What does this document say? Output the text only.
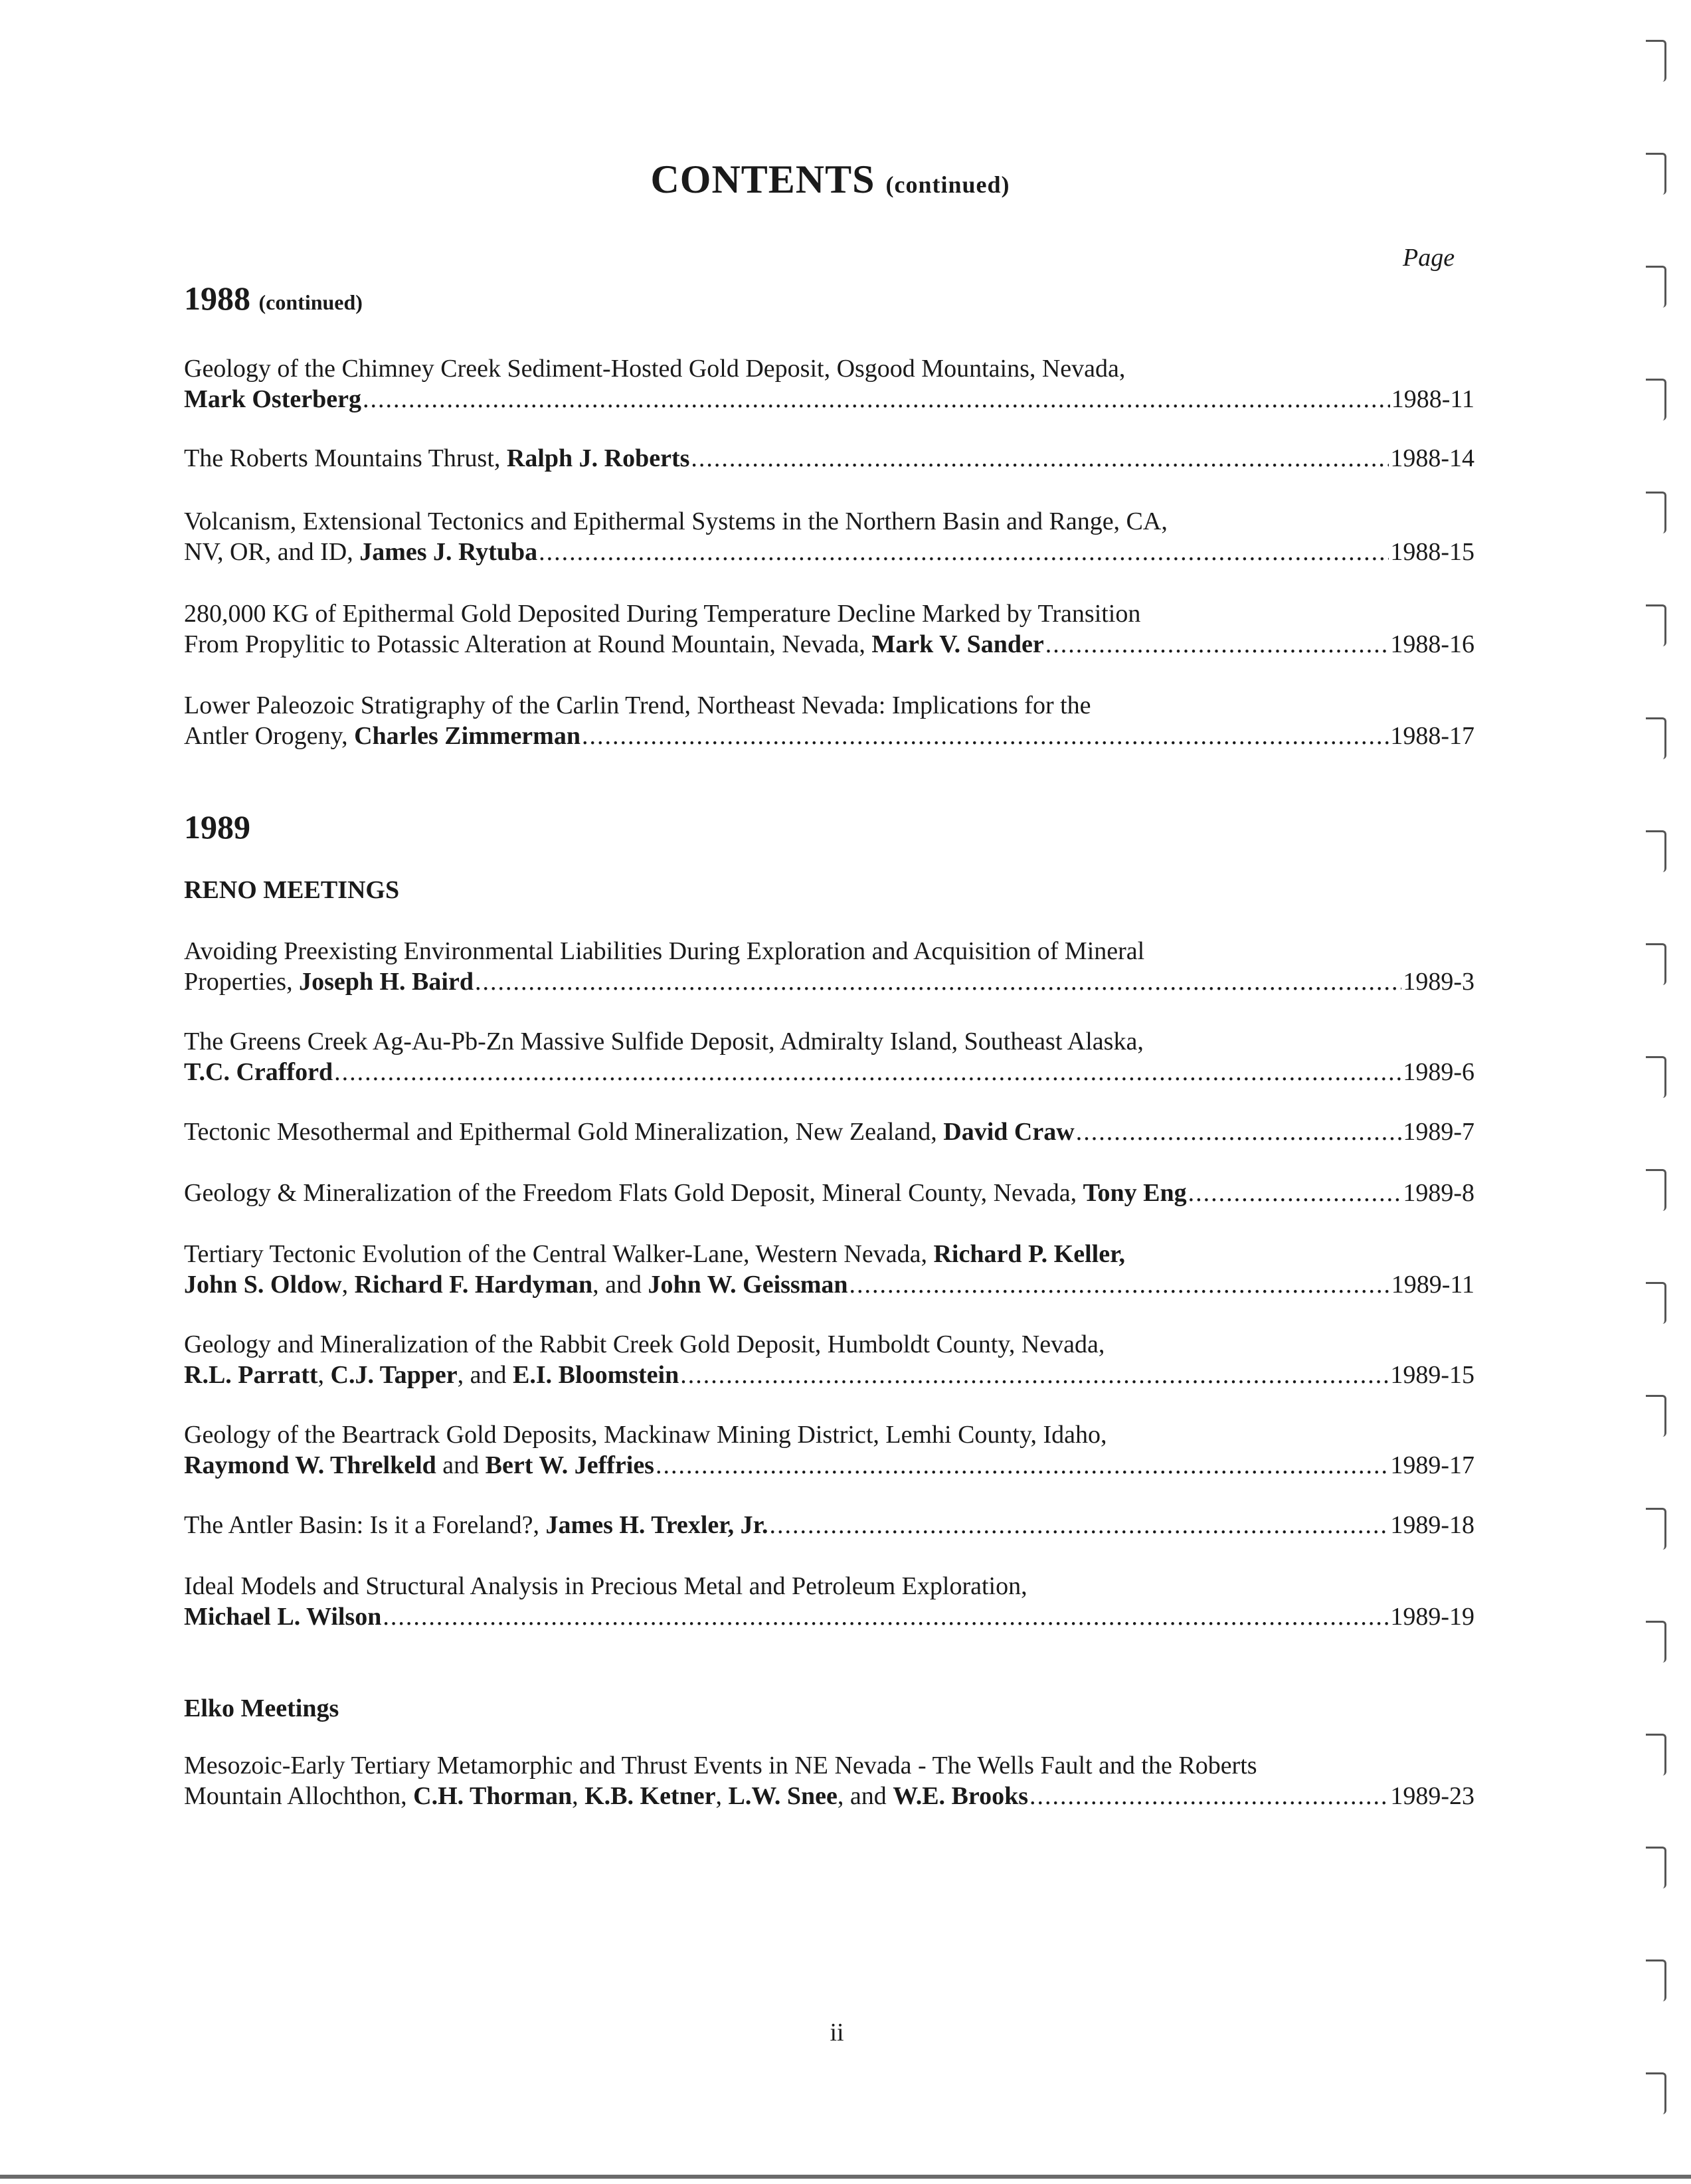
CONTENTS (continued)
Page
1988 (continued)
Geology of the Chimney Creek Sediment-Hosted Gold Deposit, Osgood Mountains, Nevada,
Mark Osterberg .....	1988-11
The Roberts Mountains Thrust, Ralph J. Roberts .....	1988-14
Volcanism, Extensional Tectonics and Epithermal Systems in the Northern Basin and Range, CA,
NV, OR, and ID, James J. Rytuba .....	1988-15
280,000 KG of Epithermal Gold Deposited During Temperature Decline Marked by Transition
From Propylitic to Potassic Alteration at Round Mountain, Nevada, Mark V. Sander .....	1988-16
Lower Paleozoic Stratigraphy of the Carlin Trend, Northeast Nevada: Implications for the
Antler Orogeny, Charles Zimmerman .....	1988-17
1989
RENO MEETINGS
Avoiding Preexisting Environmental Liabilities During Exploration and Acquisition of Mineral
Properties, Joseph H. Baird .....	1989-3
The Greens Creek Ag-Au-Pb-Zn Massive Sulfide Deposit, Admiralty Island, Southeast Alaska,
T.C. Crafford .....	1989-6
Tectonic Mesothermal and Epithermal Gold Mineralization, New Zealand, David Craw .....	1989-7
Geology & Mineralization of the Freedom Flats Gold Deposit, Mineral County, Nevada, Tony Eng .....	1989-8
Tertiary Tectonic Evolution of the Central Walker-Lane, Western Nevada, Richard P. Keller,
John S. Oldow, Richard F. Hardyman, and John W. Geissman .....	1989-11
Geology and Mineralization of the Rabbit Creek Gold Deposit, Humboldt County, Nevada,
R.L. Parratt, C.J. Tapper, and E.I. Bloomstein .....	1989-15
Geology of the Beartrack Gold Deposits, Mackinaw Mining District, Lemhi County, Idaho,
Raymond W. Threlkeld and Bert W. Jeffries .....	1989-17
The Antler Basin: Is it a Foreland?, James H. Trexler, Jr. .....	1989-18
Ideal Models and Structural Analysis in Precious Metal and Petroleum Exploration,
Michael L. Wilson .....	1989-19
Elko Meetings
Mesozoic-Early Tertiary Metamorphic and Thrust Events in NE Nevada - The Wells Fault and the Roberts
Mountain Allochthon, C.H. Thorman, K.B. Ketner, L.W. Snee, and W.E. Brooks .....	1989-23
ii
